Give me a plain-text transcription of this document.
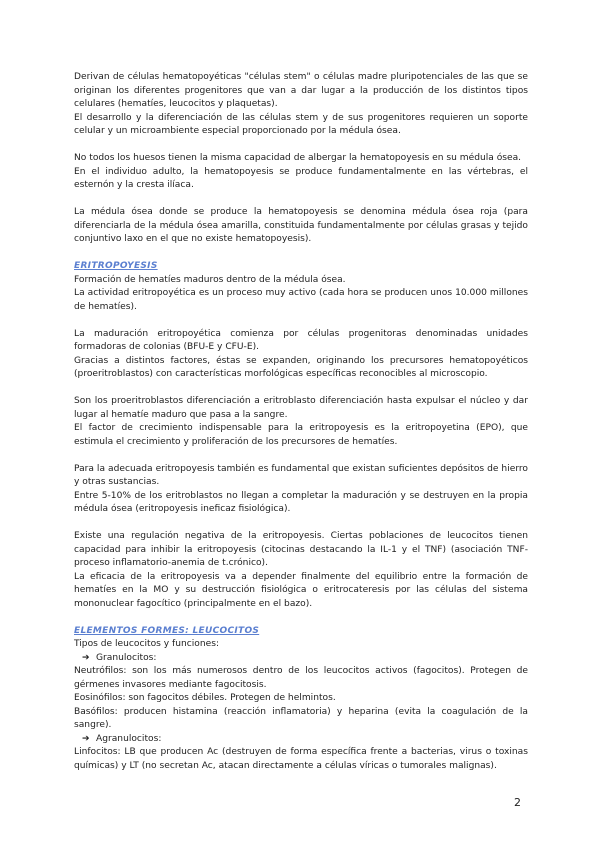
Derivan de células hematopoyéticas "células stem" o células madre pluripotenciales de las que se originan los diferentes progenitores que van a dar lugar a la producción de los distintos tipos celulares (hematíes, leucocitos y plaquetas).

El desarrollo y la diferenciación de las células stem y de sus progenitores requieren un soporte celular y un microambiente especial proporcionado por la médula ósea.

No todos los huesos tienen la misma capacidad de albergar la hematopoyesis en su médula ósea.

En el individuo adulto, la hematopoyesis se produce fundamentalmente en las vértebras, el esternón y la cresta ilíaca.

La médula ósea donde se produce la hematopoyesis se denomina médula ósea roja (para diferenciarla de la médula ósea amarilla, constituida fundamentalmente por células grasas y tejido conjuntivo laxo en el que no existe hematopoyesis).

ERITROPOYESIS

Formación de hematíes maduros dentro de la médula ósea.

La actividad eritropoyética es un proceso muy activo (cada hora se producen unos 10.000 millones de hematíes).

La maduración eritropoyética comienza por células progenitoras denominadas unidades formadoras de colonias (BFU-E y CFU-E).

Gracias a distintos factores, éstas se expanden, originando los precursores hematopoyéticos (proeritroblastos) con características morfológicas específicas reconocibles al microscopio.

Son los proeritroblastos diferenciación a eritroblasto diferenciación hasta expulsar el núcleo y dar lugar al hematíe maduro que pasa a la sangre.

El factor de crecimiento indispensable para la eritropoyesis es la eritropoyetina (EPO), que estimula el crecimiento y proliferación de los precursores de hematíes.

Para la adecuada eritropoyesis también es fundamental que existan suficientes depósitos de hierro y otras sustancias.

Entre 5-10% de los eritroblastos no llegan a completar la maduración y se destruyen en la propia médula ósea (eritropoyesis ineficaz fisiológica).

Existe una regulación negativa de la eritropoyesis. Ciertas poblaciones de leucocitos tienen capacidad para inhibir la eritropoyesis (citocinas destacando la IL-1 y el TNF) (asociación TNF-proceso inflamatorio-anemia de t.crónico).

La eficacia de la eritropoyesis va a depender finalmente del equilibrio entre la formación de hematíes en la MO y su destrucción fisiológica o eritrocateresis por las células del sistema mononuclear fagocítico (principalmente en el bazo).

ELEMENTOS FORMES: LEUCOCITOS

Tipos de leucocitos y funciones:

➔ Granulocitos:

Neutrófilos: son los más numerosos dentro de los leucocitos activos (fagocitos). Protegen de gérmenes invasores mediante fagocitosis.

Eosinófilos: son fagocitos débiles. Protegen de helmintos.

Basófilos: producen histamina (reacción inflamatoria) y heparina (evita la coagulación de la sangre).

➔ Agranulocitos:

Linfocitos: LB que producen Ac (destruyen de forma específica frente a bacterias, virus o toxinas químicas) y LT (no secretan Ac, atacan directamente a células víricas o tumorales malignas).

2
